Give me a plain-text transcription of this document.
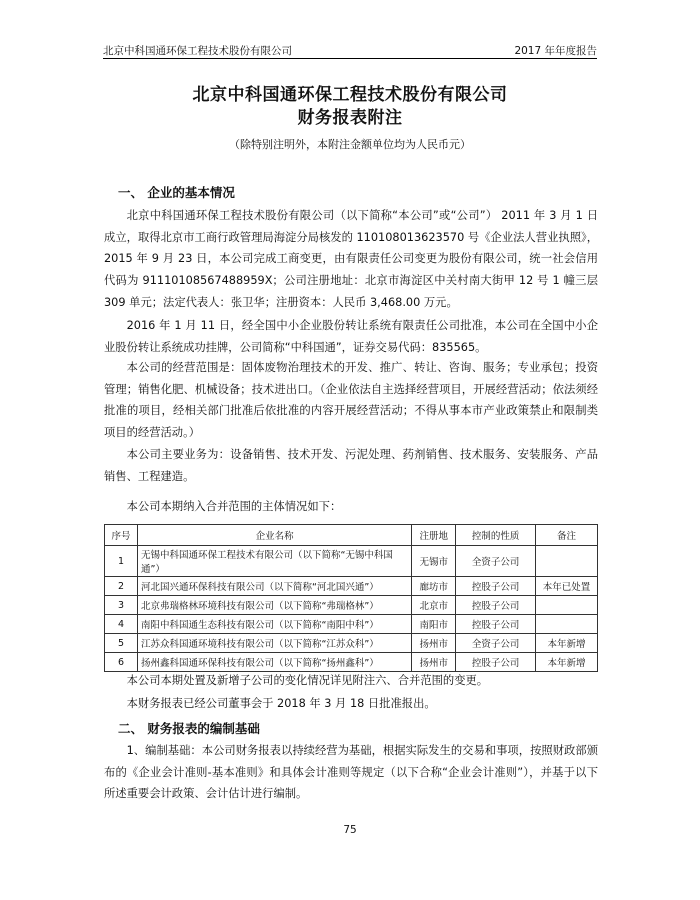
北京中科国通环保工程技术股份有限公司	2017 年年度报告
北京中科国通环保工程技术股份有限公司
财务报表附注
（除特别注明外，本附注金额单位均为人民币元）
一、 企业的基本情况
北京中科国通环保工程技术股份有限公司（以下简称“本公司”或“公司”） 2011 年 3 月 1 日成立，取得北京市工商行政管理局海淀分局核发的 110108013623570 号《企业法人营业执照》，2015 年 9 月 23 日，本公司完成工商变更，由有限责任公司变更为股份有限公司，统一社会信用代码为 91110108567488959X；公司注册地址：北京市海淀区中关村南大街甲 12 号 1 幢三层 309 单元；法定代表人：张卫华；注册资本：人民币 3,468.00 万元。
2016 年 1 月 11 日，经全国中小企业股份转让系统有限责任公司批准，本公司在全国中小企业股份转让系统成功挂牌，公司简称“中科国通”，证券交易代码：835565。
本公司的经营范围是：固体废物治理技术的开发、推广、转让、咨询、服务；专业承包；投资管理；销售化肥、机械设备；技术进出口。（企业依法自主选择经营项目，开展经营活动；依法须经批准的项目，经相关部门批准后依批准的内容开展经营活动；不得从事本市产业政策禁止和限制类项目的经营活动。）
本公司主要业务为：设备销售、技术开发、污泥处理、药剂销售、技术服务、安装服务、产品销售、工程建造。
本公司本期纳入合并范围的主体情况如下：
序号	企业名称	注册地	控制的性质	备注
1	无锡中科国通环保工程技术有限公司（以下简称“无锡中科国通”）	无锡市	全资子公司	
2	河北国兴通环保科技有限公司（以下简称“河北国兴通”）	廊坊市	控股子公司	本年已处置
3	北京弗瑞格林环境科技有限公司（以下简称“弗瑞格林”）	北京市	控股子公司	
4	南阳中科国通生态科技有限公司（以下简称“南阳中科”）	南阳市	控股子公司	
5	江苏众科国通环境科技有限公司（以下简称“江苏众科”）	扬州市	全资子公司	本年新增
6	扬州鑫科国通环保科技有限公司（以下简称“扬州鑫科”）	扬州市	控股子公司	本年新增
本公司本期处置及新增子公司的变化情况详见附注六、合并范围的变更。
本财务报表已经公司董事会于 2018 年 3 月 18 日批准报出。
二、 财务报表的编制基础
1、编制基础：本公司财务报表以持续经营为基础，根据实际发生的交易和事项，按照财政部颁布的《企业会计准则-基本准则》和具体会计准则等规定（以下合称“企业会计准则”），并基于以下所述重要会计政策、会计估计进行编制。
75
